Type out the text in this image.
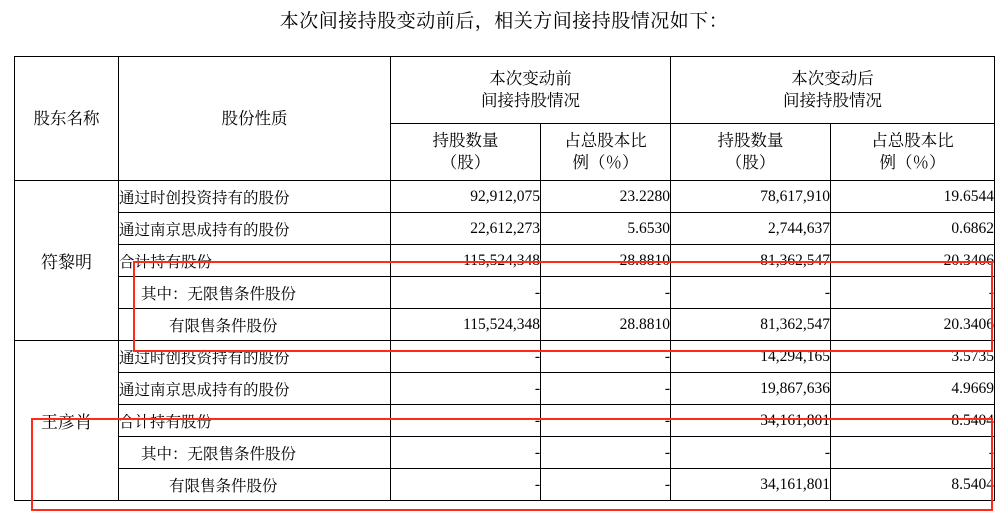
本次间接持股变动前后，相关方间接持股情况如下：
股东名称	股份性质	
本次变动前
间接持股情况

本次变动后
间接持股情况

持股数量
（股）

占总股本比
例（％）

持股数量
（股）

占总股本比
例（％）

符黎明	通过时创投资持有的股份	92,912,075	23.2280	78,617,910	19.6544
	通过南京思成持有的股份	22,612,273	5.6530	2,744,637	0.6862
	合计持有股份	115,524,348	28.8810	81,362,547	20.3406
	其中：无限售条件股份	-	-	-	-
	有限售条件股份	115,524,348	28.8810	81,362,547	20.3406
王彦肖	通过时创投资持有的股份	-	-	14,294,165	3.5735
	通过南京思成持有的股份	-	-	19,867,636	4.9669
	合计持有股份	-	-	34,161,801	8.5404
	其中：无限售条件股份	-	-	-	-
	有限售条件股份	-	-	34,161,801	8.5404
